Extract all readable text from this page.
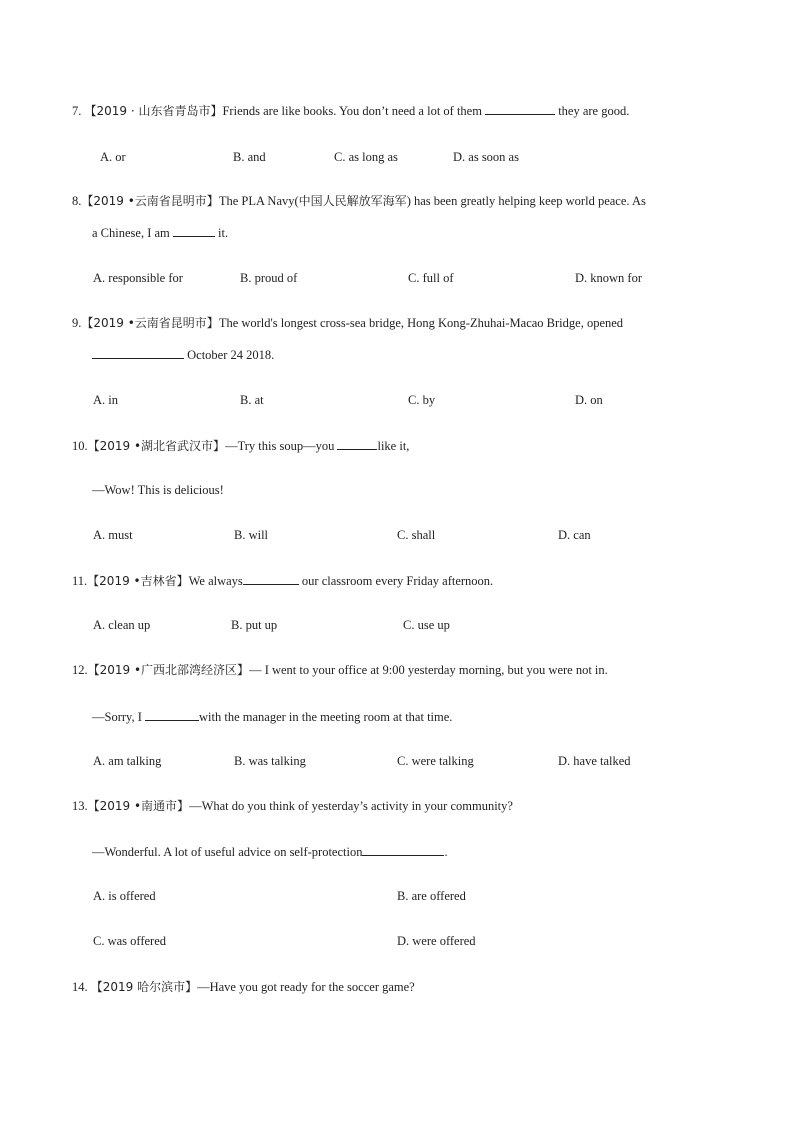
7. 【2019 · 山东省青岛市】Friends are like books. You don’t need a lot of them	they are good.
A. or	B. and	C. as long as	D. as soon as
8.【2019 •云南省昆明市】The PLA Navy(中国人民解放军海军) has been greatly helping keep world peace. As
a Chinese, I am	it.
A. responsible for	B. proud of	C. full of	D. known for
9.【2019 •云南省昆明市】The world's longest cross-sea bridge, Hong Kong-Zhuhai-Macao Bridge, opened
October 24 2018.
A. in	B. at	C. by	D. on
10.【2019 •湖北省武汉市】—Try this soup—you	like it,
—Wow! This is delicious!
A. must	B. will	C. shall	D. can
11.【2019 •吉林省】We always	our classroom every Friday afternoon.
A. clean up	B. put up	C. use up
12.【2019 •广西北部湾经济区】— I went to your office at 9:00 yesterday morning, but you were not in.
—Sorry, I	with the manager in the meeting room at that time.
A. am talking	B. was talking	C. were talking	D. have talked
13.【2019 •南通市】—What do you think of yesterday’s activity in your community?
—Wonderful. A lot of useful advice on self-protection	.
A. is offered	B. are offered
C. was offered	D. were offered
14. 【2019 哈尔滨市】—Have you got ready for the soccer game?
